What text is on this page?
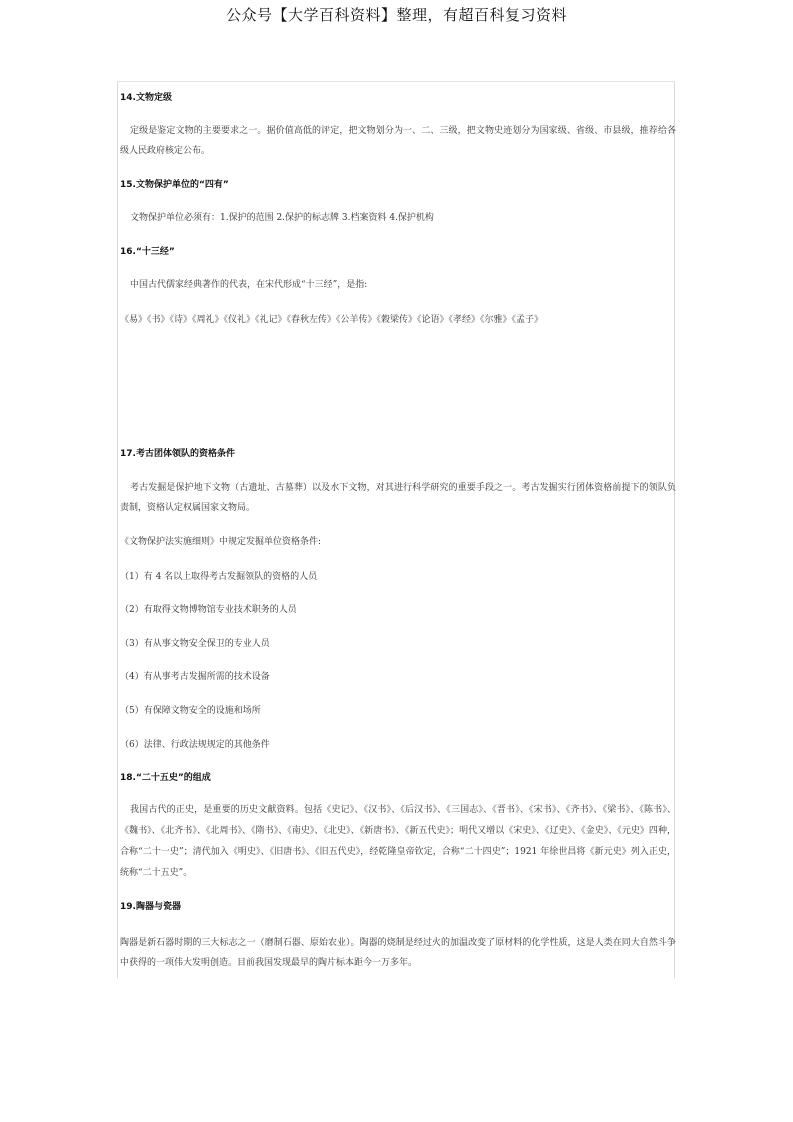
公众号【大学百科资料】整理，有超百科复习资料
14.文物定级
定级是鉴定文物的主要要求之一。据价值高低的评定，把文物划分为一、二、三级，把文物史迹划分为国家级、省级、市县级，推荐给各级人民政府核定公布。
15.文物保护单位的“四有”
文物保护单位必须有：1.保护的范围 2.保护的标志牌 3.档案资料 4.保护机构
16.“十三经”
中国古代儒家经典著作的代表，在宋代形成“十三经”，是指:
《易》《书》《诗》《周礼》《仪礼》《礼记》《春秋左传》《公羊传》《穀梁传》《论语》《孝经》《尔雅》《孟子》
17.考古团体领队的资格条件
考古发掘是保护地下文物（古遗址、古墓葬）以及水下文物，对其进行科学研究的重要手段之一。考古发掘实行团体资格前提下的领队负责制，资格认定权属国家文物局。
《文物保护法实施细则》中规定发掘单位资格条件:
（1）有 4 名以上取得考古发掘领队的资格的人员
（2）有取得文物博物馆专业技术职务的人员
（3）有从事文物安全保卫的专业人员
（4）有从事考古发掘所需的技术设备
（5）有保障文物安全的设施和场所
（6）法律、行政法规规定的其他条件
18.“二十五史”的组成
我国古代的正史，是重要的历史文献资料。包括《史记》、《汉书》、《后汉书》、《三国志》、《晋书》、《宋书》、《齐书》、《梁书》、《陈书》、《魏书》、《北齐书》、《北周书》、《隋书》、《南史》、《北史》、《新唐书》、《新五代史》；明代又增以《宋史》、《辽史》、《金史》、《元史》四种，合称“二十一史”；清代加入《明史》、《旧唐书》、《旧五代史》，经乾隆皇帝钦定，合称“二十四史”；1921 年徐世昌将《新元史》列入正史，统称“二十五史”。
19.陶器与瓷器
陶器是新石器时期的三大标志之一（磨制石器、原始农业）。陶器的烧制是经过火的加温改变了原材料的化学性质，这是人类在同大自然斗争中获得的一项伟大发明创造。目前我国发现最早的陶片标本距今一万多年。
